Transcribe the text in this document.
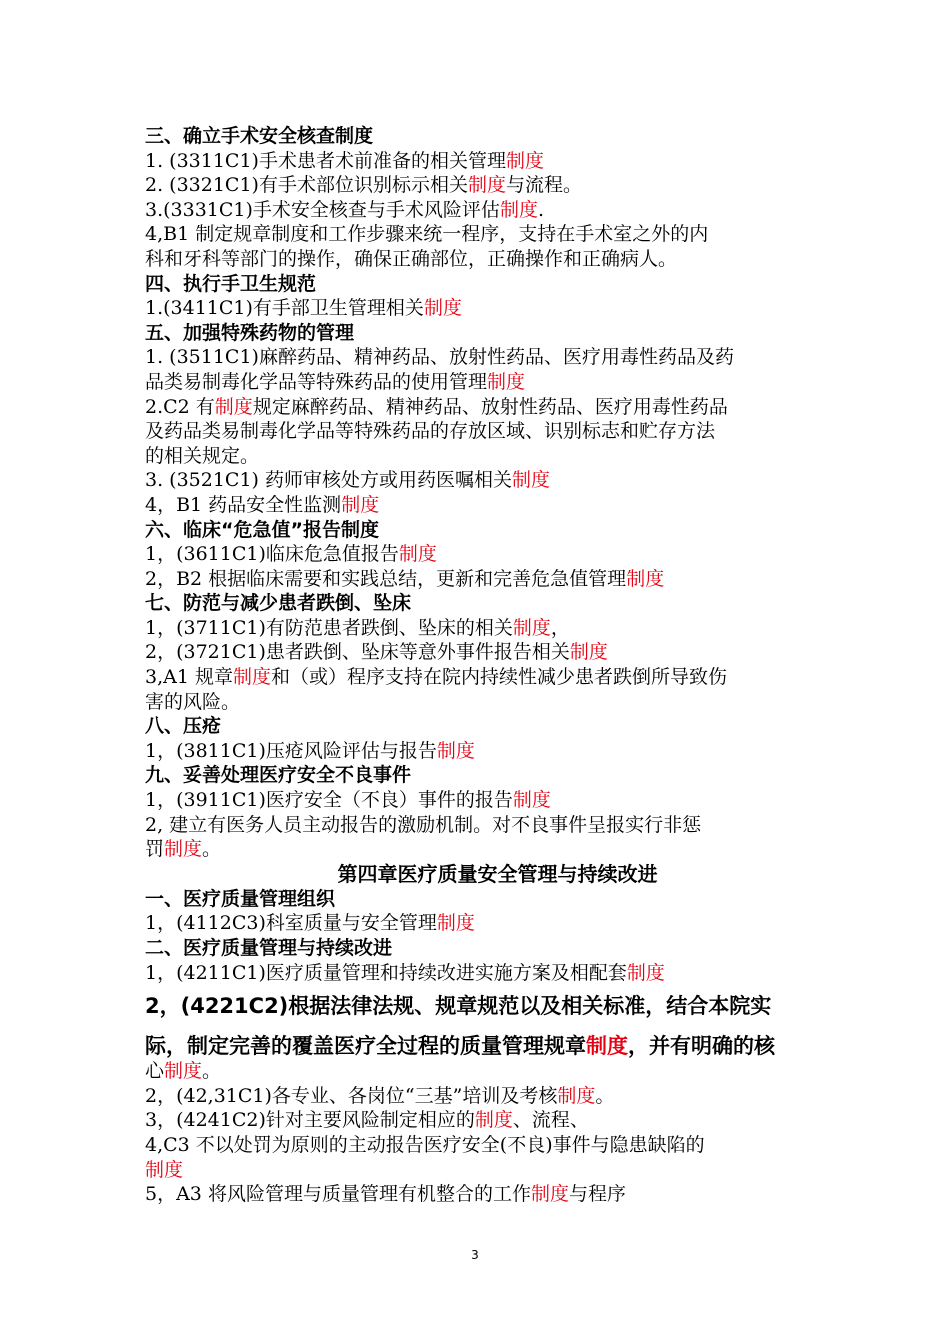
三、确立手术安全核查制度
1. (3311C1)手术患者术前准备的相关管理制度
2. (3321C1)有手术部位识别标示相关制度与流程。
3.(3331C1)手术安全核查与手术风险评估制度.
4,B1 制定规章制度和工作步骤来统一程序，支持在手术室之外的内
科和牙科等部门的操作，确保正确部位，正确操作和正确病人。
四、执行手卫生规范
1.(3411C1)有手部卫生管理相关制度
五、加强特殊药物的管理
1. (3511C1)麻醉药品、精神药品、放射性药品、医疗用毒性药品及药
品类易制毒化学品等特殊药品的使用管理制度
2.C2 有制度规定麻醉药品、精神药品、放射性药品、医疗用毒性药品
及药品类易制毒化学品等特殊药品的存放区域、识别标志和贮存方法
的相关规定。
3. (3521C1) 药师审核处方或用药医嘱相关制度
4，B1 药品安全性监测制度
六、临床“危急值”报告制度
1，(3611C1)临床危急值报告制度
2，B2 根据临床需要和实践总结，更新和完善危急值管理制度
七、防范与减少患者跌倒、坠床
1，(3711C1)有防范患者跌倒、坠床的相关制度，
2，(3721C1)患者跌倒、坠床等意外事件报告相关制度
3,A1 规章制度和（或）程序支持在院内持续性减少患者跌倒所导致伤
害的风险。
八、压疮
1，(3811C1)压疮风险评估与报告制度
九、妥善处理医疗安全不良事件
1，(3911C1)医疗安全（不良）事件的报告制度
2, 建立有医务人员主动报告的激励机制。对不良事件呈报实行非惩
罚制度。
第四章医疗质量安全管理与持续改进
一、医疗质量管理组织
1，(4112C3)科室质量与安全管理制度
二、医疗质量管理与持续改进
1，(4211C1)医疗质量管理和持续改进实施方案及相配套制度
2，(4221C2)根据法律法规、规章规范以及相关标准，结合本院实
际，制定完善的覆盖医疗全过程的质量管理规章制度，并有明确的核
心制度。
2，(42,31C1)各专业、各岗位“三基”培训及考核制度。
3，(4241C2)针对主要风险制定相应的制度、流程、
4,C3 不以处罚为原则的主动报告医疗安全(不良)事件与隐患缺陷的
制度
5，A3 将风险管理与质量管理有机整合的工作制度与程序
3
